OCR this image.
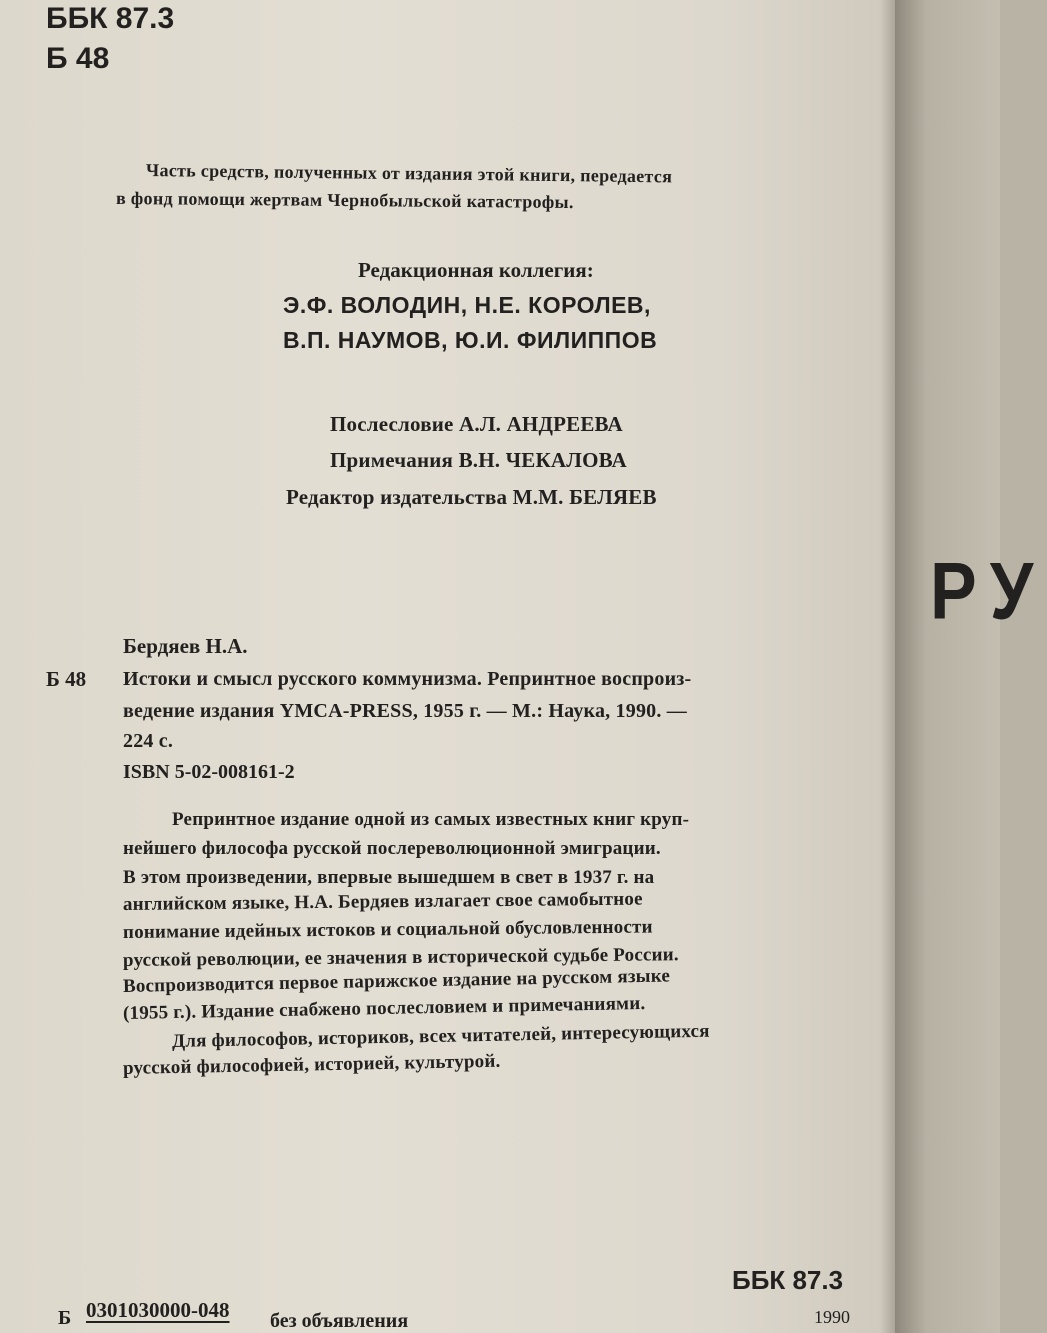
РУ
ББК 87.3
Б 48
Часть средств, полученных от издания этой книги, передается
в фонд помощи жертвам Чернобыльской катастрофы.
Редакционная коллегия:
Э.Ф. ВОЛОДИН, Н.Е. КОРОЛЕВ,
В.П. НАУМОВ, Ю.И. ФИЛИППОВ
Послесловие А.Л. АНДРЕЕВА
Примечания В.Н. ЧЕКАЛОВА
Редактор издательства М.М. БЕЛЯЕВ
Бердяев Н.А.
Б 48 Истоки и смысл русского коммунизма. Репринтное воспроиз-
ведение издания YMCA-PRESS, 1955 г. — М.: Наука, 1990. —
224 с.
ISBN 5-02-008161-2
Репринтное издание одной из самых известных книг круп-
нейшего философа русской послереволюционной эмиграции.
В этом произведении, впервые вышедшем в свет в 1937 г. на
английском языке, Н.А. Бердяев излагает свое самобытное
понимание идейных истоков и социальной обусловленности
русской революции, ее значения в исторической судьбе России.
Воспроизводится первое парижское издание на русском языке
(1955 г.). Издание снабжено послесловием и примечаниями.
Для философов, историков, всех читателей, интересующихся
русской философией, историей, культурой.
ББК 87.3
1990
Б 0301030000-048 без объявления
